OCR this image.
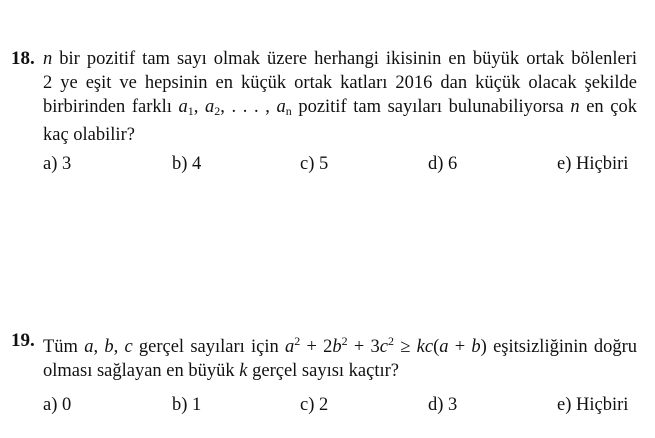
18. n bir pozitif tam sayı olmak üzere herhangi ikisinin en büyük ortak bölenleri
2 ye eşit ve hepsinin en küçük ortak katları 2016 dan küçük olacak şekilde
birbirinden farklı $a_1$, $a_2$, . . . , $a_n$ pozitif tam sayıları bulunabiliyorsa n en çok
kaç olabilir?
a) 3	b) 4	c) 5	d) 6	e) Hiçbiri
19. Tüm a, b, c gerçel sayıları için $a^2 + 2b^2 + 3c^2 \ge kc(a + b)$ eşitsizliğinin doğru
olması sağlayan en büyük k gerçel sayısı kaçtır?
a) 0	b) 1	c) 2	d) 3	e) Hiçbiri
